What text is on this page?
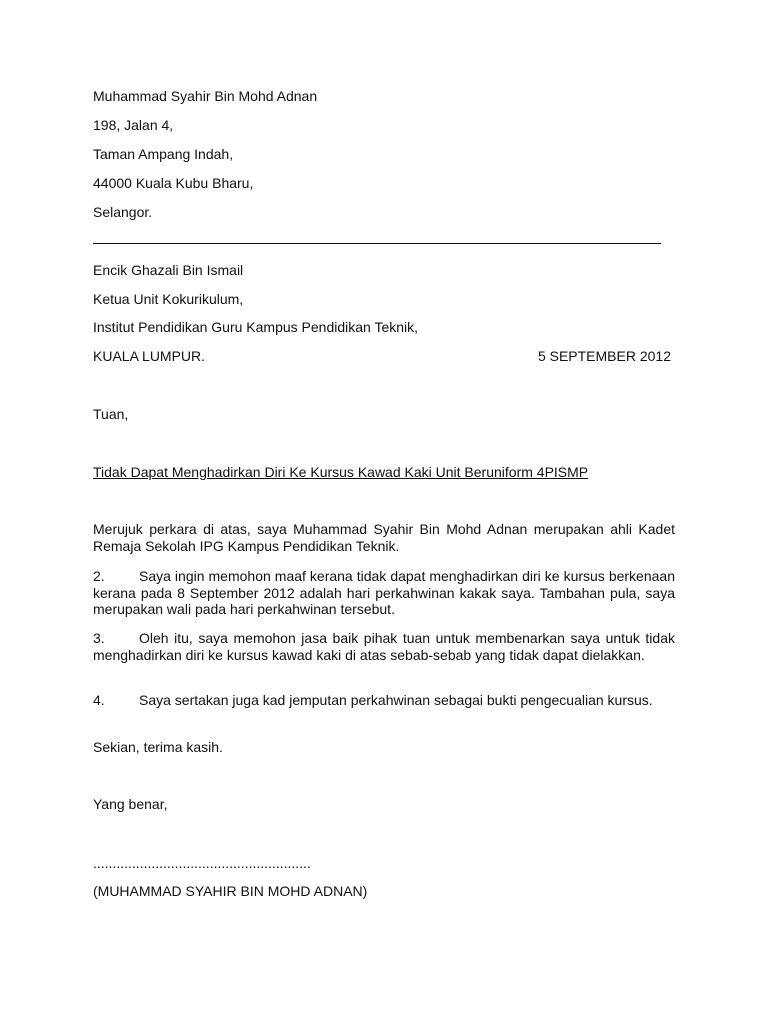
Muhammad Syahir Bin Mohd Adnan
198, Jalan 4,
Taman Ampang Indah,
44000 Kuala Kubu Bharu,
Selangor.
Encik Ghazali Bin Ismail
Ketua Unit Kokurikulum,
Institut Pendidikan Guru Kampus Pendidikan Teknik,
KUALA LUMPUR.	5 SEPTEMBER 2012
Tuan,
Tidak Dapat Menghadirkan Diri Ke Kursus Kawad Kaki Unit Beruniform 4PISMP
Merujuk perkara di atas, saya Muhammad Syahir Bin Mohd Adnan merupakan ahli Kadet Remaja Sekolah IPG Kampus Pendidikan Teknik.
2. Saya ingin memohon maaf kerana tidak dapat menghadirkan diri ke kursus berkenaan kerana pada 8 September 2012 adalah hari perkahwinan kakak saya. Tambahan pula, saya merupakan wali pada hari perkahwinan tersebut.
3. Oleh itu, saya memohon jasa baik pihak tuan untuk membenarkan saya untuk tidak menghadirkan diri ke kursus kawad kaki di atas sebab-sebab yang tidak dapat dielakkan.
4. Saya sertakan juga kad jemputan perkahwinan sebagai bukti pengecualian kursus.
Sekian, terima kasih.
Yang benar,
........................................................
(MUHAMMAD SYAHIR BIN MOHD ADNAN)
